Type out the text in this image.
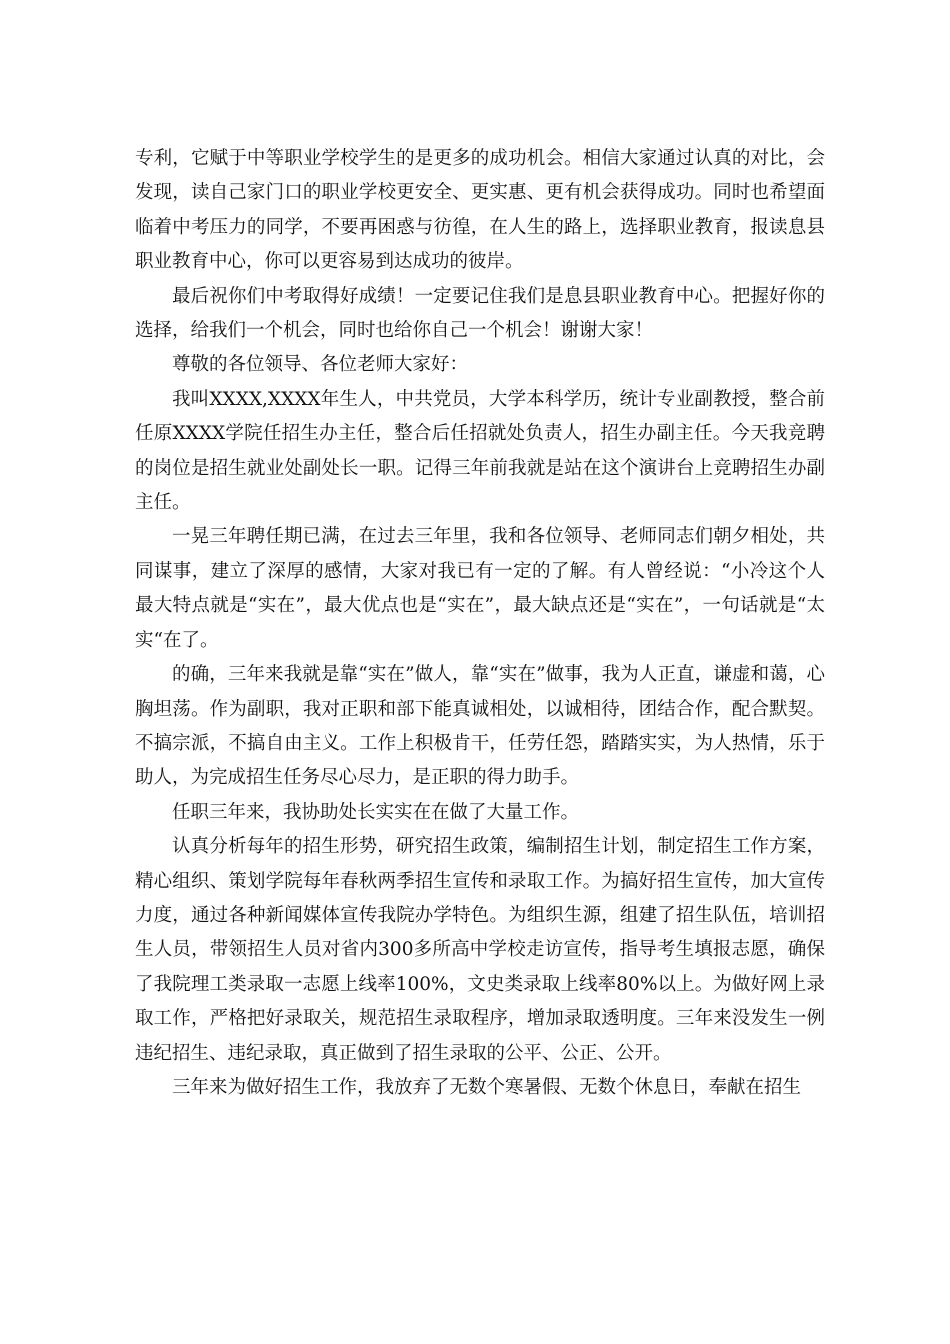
专利，它赋于中等职业学校学生的是更多的成功机会。相信大家通过认真的对比，会发现，读自己家门口的职业学校更安全、更实惠、更有机会获得成功。同时也希望面临着中考压力的同学，不要再困惑与彷徨，在人生的路上，选择职业教育，报读息县职业教育中心，你可以更容易到达成功的彼岸。

最后祝你们中考取得好成绩！一定要记住我们是息县职业教育中心。把握好你的选择，给我们一个机会，同时也给你自己一个机会！谢谢大家！

尊敬的各位领导、各位老师大家好：

我叫XXXX,XXXX年生人，中共党员，大学本科学历，统计专业副教授，整合前任原XXXX学院任招生办主任，整合后任招就处负责人，招生办副主任。今天我竞聘的岗位是招生就业处副处长一职。记得三年前我就是站在这个演讲台上竞聘招生办副主任。

一晃三年聘任期已满，在过去三年里，我和各位领导、老师同志们朝夕相处，共同谋事，建立了深厚的感情，大家对我已有一定的了解。有人曾经说：“小冷这个人最大特点就是“实在”，最大优点也是“实在”，最大缺点还是“实在”，一句话就是“太实“在了。

的确，三年来我就是靠“实在”做人，靠“实在”做事，我为人正直，谦虚和蔼，心胸坦荡。作为副职，我对正职和部下能真诚相处，以诚相待，团结合作，配合默契。不搞宗派，不搞自由主义。工作上积极肯干，任劳任怨，踏踏实实，为人热情，乐于助人，为完成招生任务尽心尽力，是正职的得力助手。

任职三年来，我协助处长实实在在做了大量工作。

认真分析每年的招生形势，研究招生政策，编制招生计划，制定招生工作方案，精心组织、策划学院每年春秋两季招生宣传和录取工作。为搞好招生宣传，加大宣传力度，通过各种新闻媒体宣传我院办学特色。为组织生源，组建了招生队伍，培训招生人员，带领招生人员对省内300多所高中学校走访宣传，指导考生填报志愿，确保了我院理工类录取一志愿上线率100%，文史类录取上线率80%以上。为做好网上录取工作，严格把好录取关，规范招生录取程序，增加录取透明度。三年来没发生一例违纪招生、违纪录取，真正做到了招生录取的公平、公正、公开。

三年来为做好招生工作，我放弃了无数个寒暑假、无数个休息日，奉献在招生
